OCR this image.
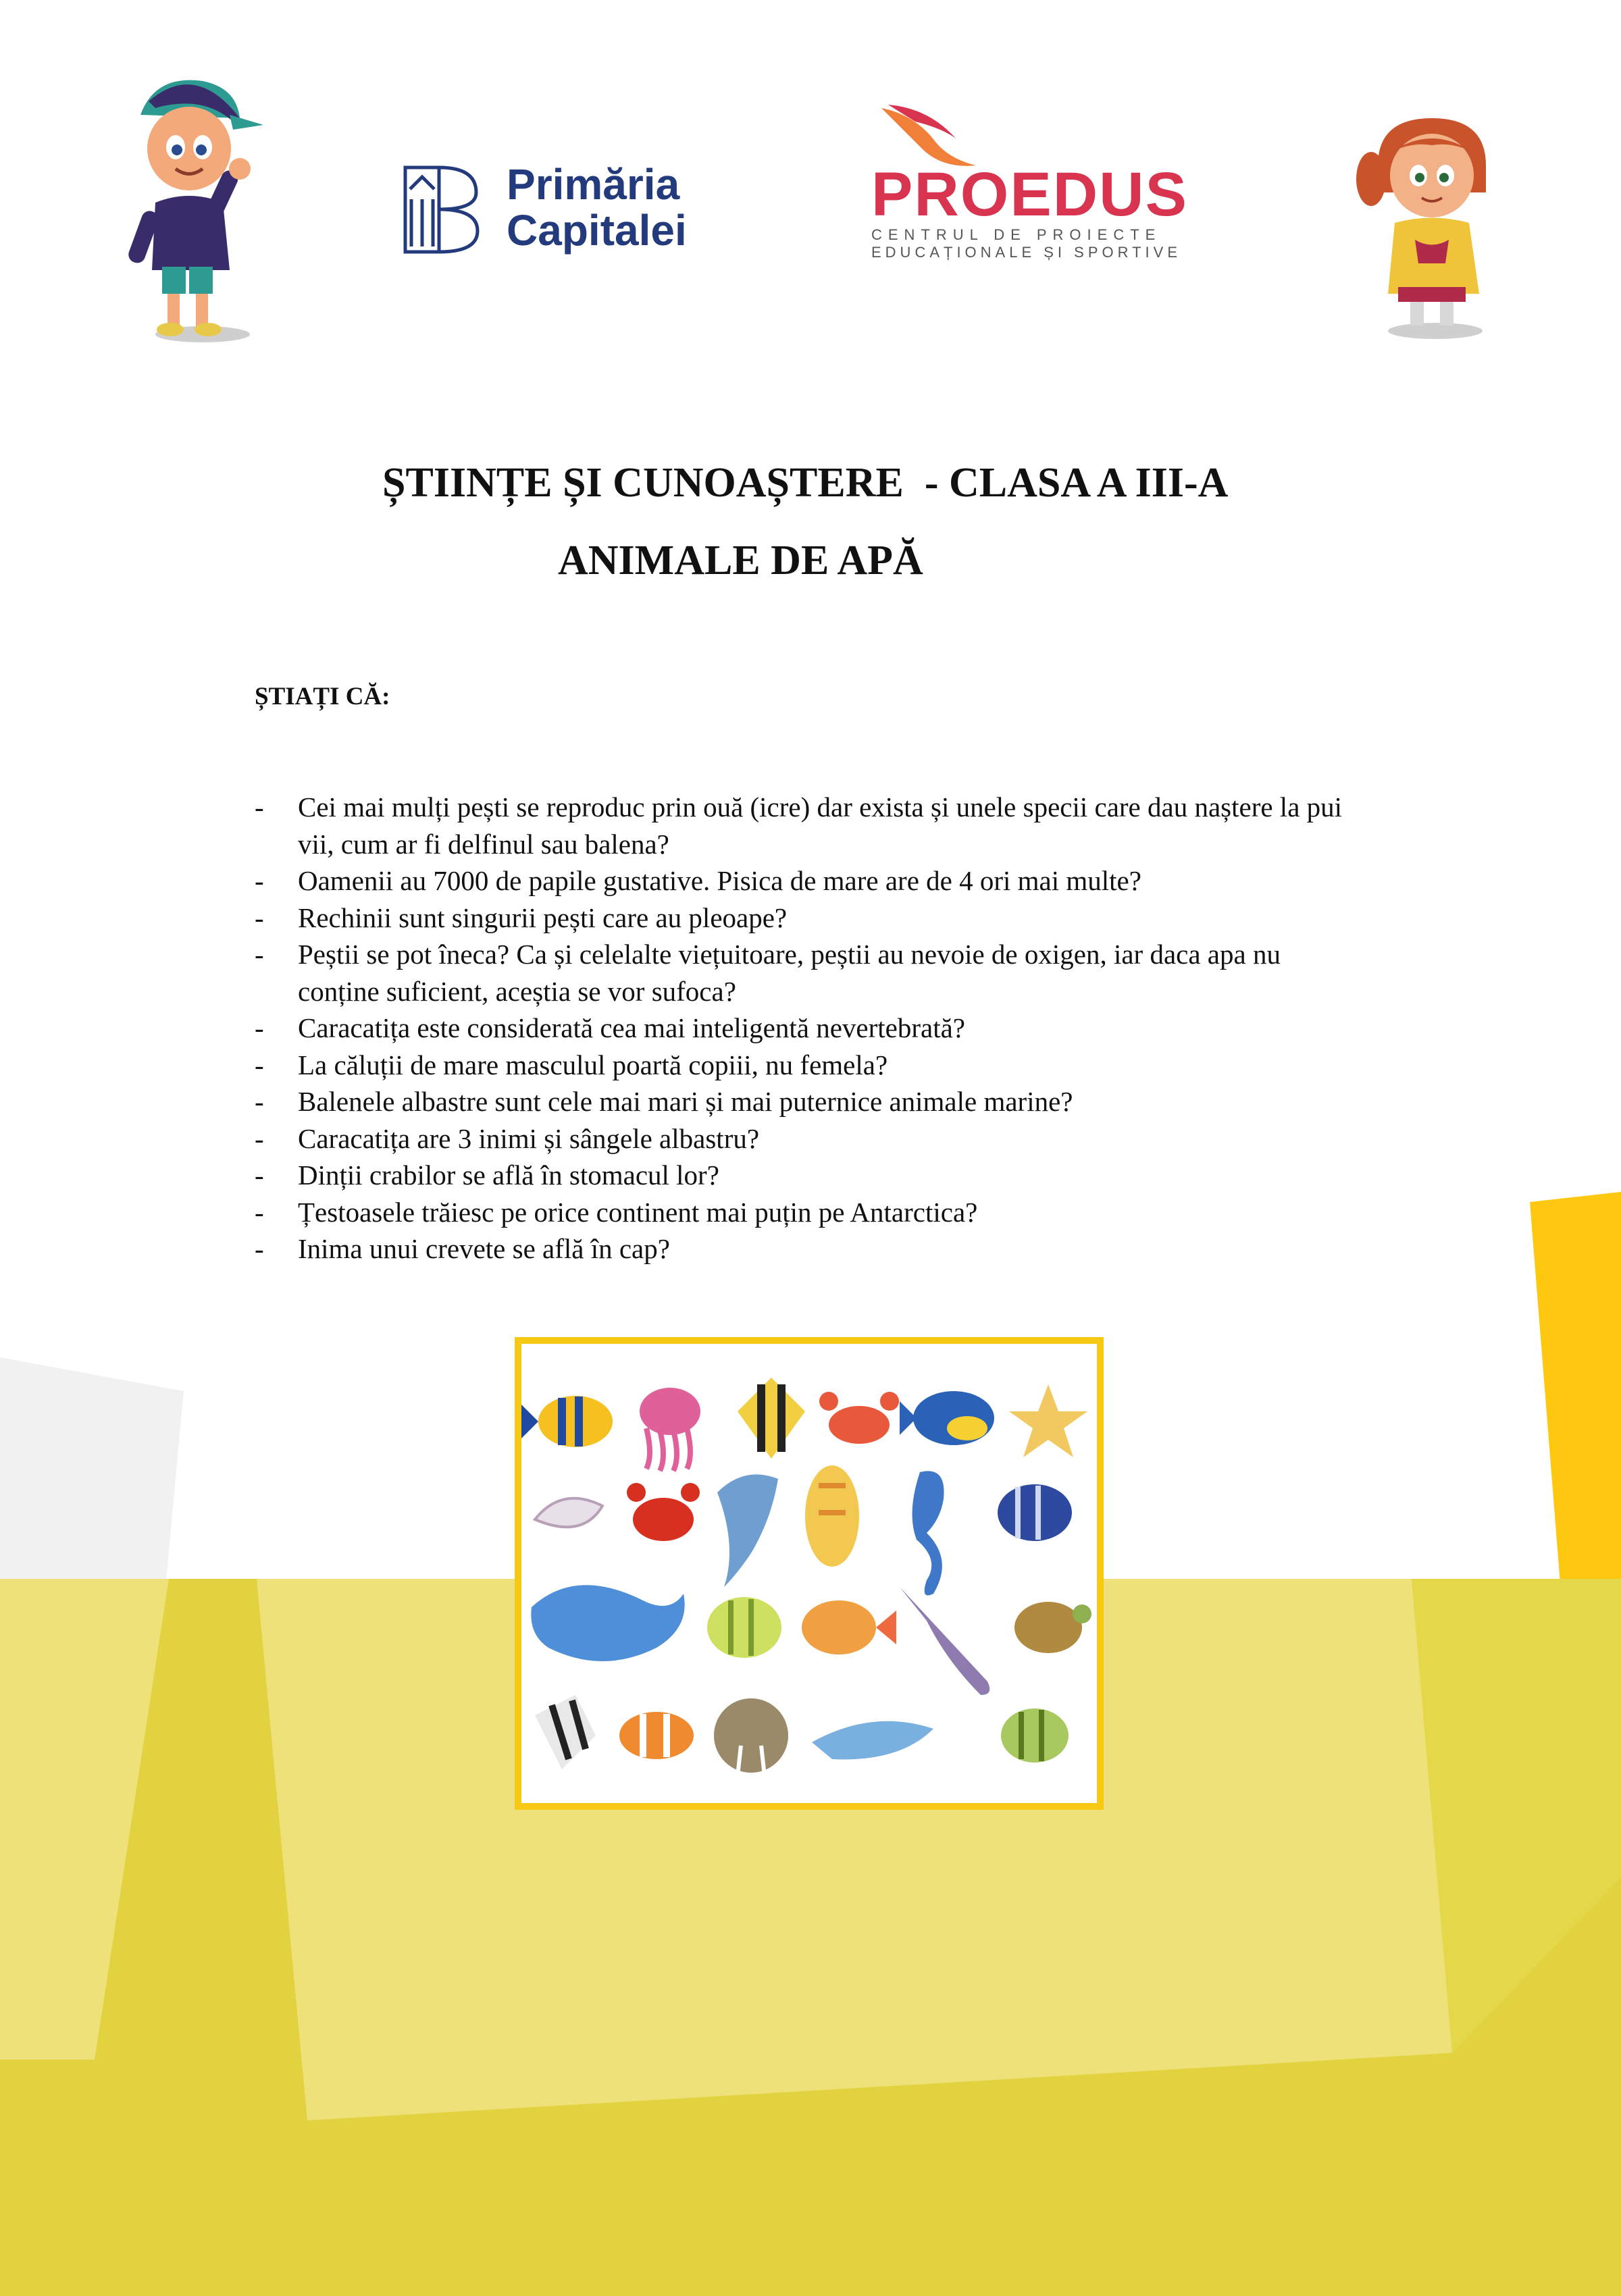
Primăria
Capitalei
PROEDUS
CENTRUL DE PROIECTE
EDUCAȚIONALE ȘI SPORTIVE
ȘTIINȚE ȘI CUNOAȘTERE  - CLASA A III-A
ANIMALE DE APĂ
ȘTIAȚI CĂ:
- Cei mai mulți pești se reproduc prin ouă (icre) dar exista și unele specii care dau naștere la pui vii, cum ar fi delfinul sau balena?
- Oamenii au 7000 de papile gustative. Pisica de mare are de 4 ori mai multe?
- Rechinii sunt singurii pești care au pleoape?
- Peștii se pot îneca? Ca și celelalte viețuitoare, peștii au nevoie de oxigen, iar daca apa nu conține suficient, aceștia se vor sufoca?
- Caracatița este considerată cea mai inteligentă nevertebrată?
- La căluții de mare masculul poartă copiii, nu femela?
- Balenele albastre sunt cele mai mari și mai puternice animale marine?
- Caracatița are 3 inimi și sângele albastru?
- Dinții crabilor se află în stomacul lor?
- Țestoasele trăiesc pe orice continent mai puțin pe Antarctica?
- Inima unui crevete se află în cap?
